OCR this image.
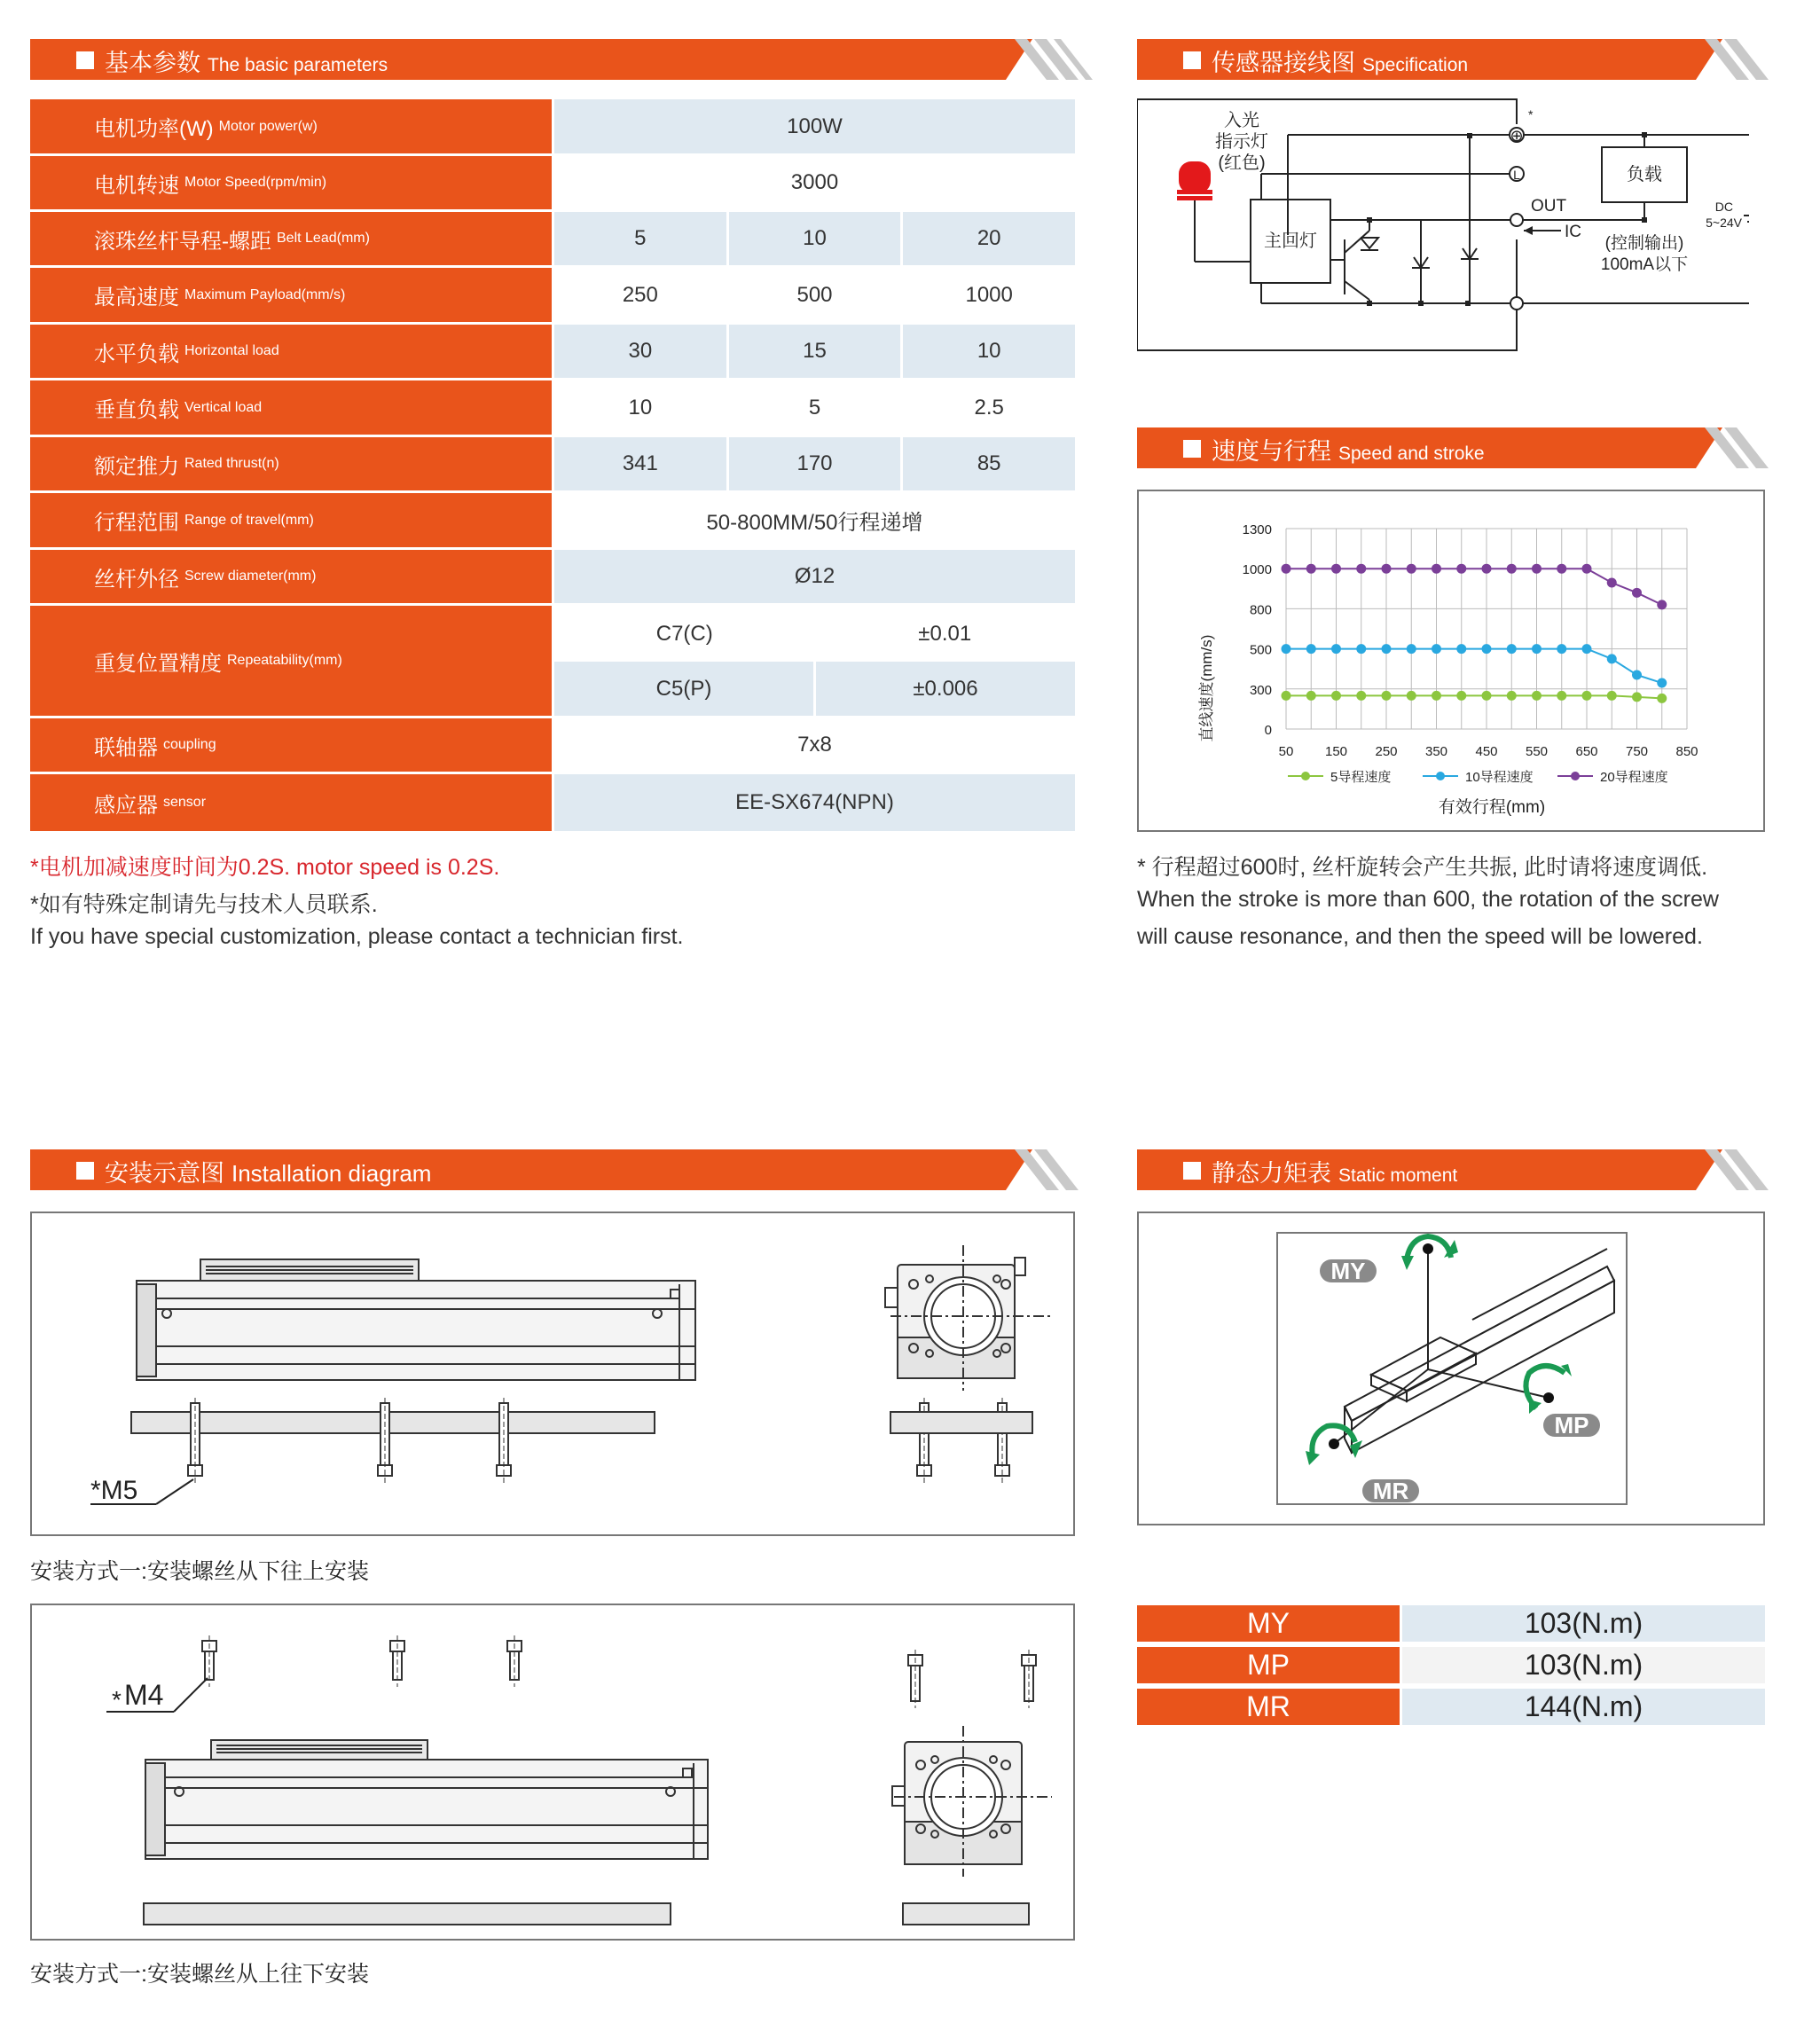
基本参数 The basic parameters	传感器接线图 Specification
速度与行程 Speed and stroke
安装示意图 Installation diagram	静态力矩表 Static moment
电机功率(W) Motor power(w)	100W
电机转速 Motor Speed(rpm/min)	3000
滚珠丝杆导程-螺距 Belt Lead(mm)	5	10	20
最高速度 Maximum Payload(mm/s)	250	500	1000
水平负载 Horizontal load	30	15	10
垂直负载 Vertical load	10	5	2.5
额定推力 Rated thrust(n)	341	170	85
行程范围 Range of travel(mm)	50-800MM/50行程递增
丝杆外径 Screw diameter(mm)	Ø12
重复位置精度 Repeatability(mm)
C7(C)	±0.01
C5(P)	±0.006
联轴器 coupling	7x8
感应器 sensor	EE-SX674(NPN)
*电机加减速度时间为0.2S. motor speed is 0.2S.
*如有特殊定制请先与技术人员联系.
If you have special customization, please contact a technician first.
入光
指示灯
(红色)
主回灯
负载
OUT
IC
(控制输出)
100mA以下
DC
5~24V
⊕
L
*
0
300
500
800
1000
1300
50 150 250 350 450 550 650 750 850
直线速度(mm/s)
有效行程(mm)
5导程速度	10导程速度	20导程速度
* 行程超过600时, 丝杆旋转会产生共振, 此时请将速度调低.
When the stroke is more than 600, the rotation of the screw
will cause resonance, and then the speed will be lowered.
*M5
安装方式一:安装螺丝从下往上安装
* M4
安装方式一:安装螺丝从上往下安装
MY
MP
MR
MY	103(N.m)
MP	103(N.m)
MR	144(N.m)
